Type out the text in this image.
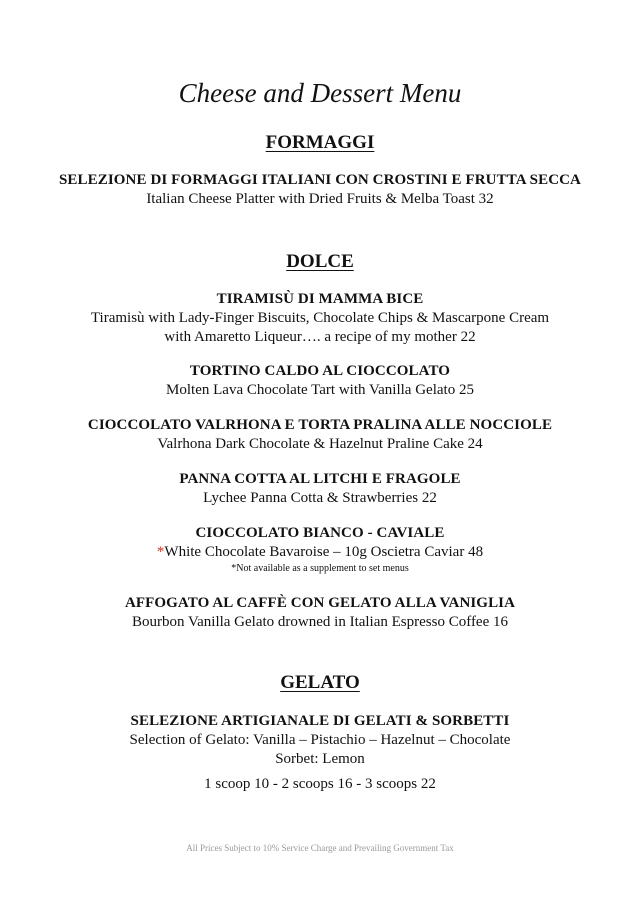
Cheese and Dessert Menu
FORMAGGI
SELEZIONE DI FORMAGGI ITALIANI CON CROSTINI E FRUTTA SECCA
Italian Cheese Platter with Dried Fruits & Melba Toast 32
DOLCE
TIRAMISÙ DI MAMMA BICE
Tiramisù with Lady-Finger Biscuits, Chocolate Chips & Mascarpone Cream
with Amaretto Liqueur…. a recipe of my mother 22
TORTINO CALDO AL CIOCCOLATO
Molten Lava Chocolate Tart with Vanilla Gelato 25
CIOCCOLATO VALRHONA E TORTA PRALINA ALLE NOCCIOLE
Valrhona Dark Chocolate & Hazelnut Praline Cake 24
PANNA COTTA AL LITCHI E FRAGOLE
Lychee Panna Cotta & Strawberries 22
CIOCCOLATO BIANCO - CAVIALE
*White Chocolate Bavaroise – 10g Oscietra Caviar 48
*Not available as a supplement to set menus
AFFOGATO AL CAFFÈ CON GELATO ALLA VANIGLIA
Bourbon Vanilla Gelato drowned in Italian Espresso Coffee 16
GELATO
SELEZIONE ARTIGIANALE DI GELATI & SORBETTI
Selection of Gelato: Vanilla – Pistachio – Hazelnut – Chocolate
Sorbet: Lemon
1 scoop 10 - 2 scoops 16 - 3 scoops 22
All Prices Subject to 10% Service Charge and Prevailing Government Tax
